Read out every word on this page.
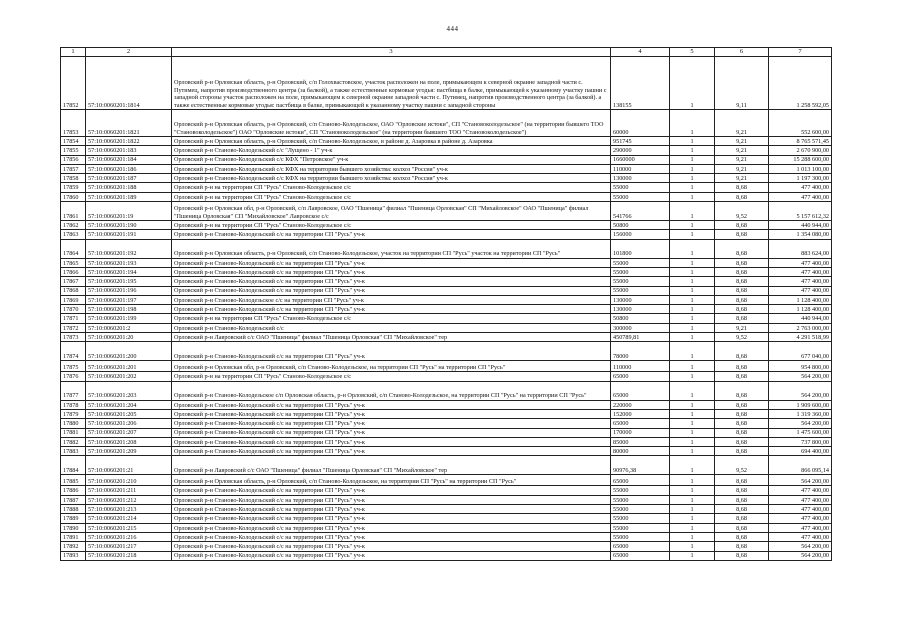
444
1	2	3	4	5	6	7
17852	57:10:0060201:1814	Орловский р-н Орловская область, р-н Орловский, с/п Голохвастовское, участок расположен на поле, примыкающем к северной окраине западной части с. Путимец, напротив производственного центра (за балкой), а также естественные кормовые угодья: пастбища в балке, примыкающей к указанному участку пашни с западной стороны участок расположен на поле, примыкающем к северной окраине западной части с. Путимец, напротив производственного центра (за балкой). а также естественные кормовые угодья: пастбища в балке, примыкающей к указанному участку пашни с западной стороны	138155	1	9,11	1 258 592,05
17853	57:10:0060201:1821	Орловский р-н Орловская область, р-н Орловский, с/п Станово-Колодезьское, ОАО "Орловские истоки", СП "Становоколодезьское" (на территории бывшего ТОО "Становоколодезьское") ОАО "Орловские истоки", СП "Становоколодезьское" (на территории бывшего ТОО "Становоколодезьское")	60000	1	9,21	552 600,00
17854	57:10:0060201:1822	Орловский р-н Орловская область, р-н Орловский, с/п Станово-Колодезьское, в районе д. Азаровка в районе д. Азаровка	951745	1	9,21	8 765 571,45
17855	57:10:0060201:183	Орловский р-н Станово-Колодезьский с/с "Лущено - 1" уч-к	290000	1	9,21	2 670 900,00
17856	57:10:0060201:184	Орловский р-н Станово-Колодезьский с/с КФХ "Петровское" уч-к	1660000	1	9,21	15 288 600,00
17857	57:10:0060201:186	Орловский р-н Станово-Колодезьский с/с КФХ на территории бывшего хозяйства: колхоз "Россия" уч-к	110000	1	9,21	1 013 100,00
17858	57:10:0060201:187	Орловский р-н Станово-Колодезьский с/с КФХ на территории бывшего хозяйства: колхоз "Россия" уч-к	130000	1	9,21	1 197 300,00
17859	57:10:0060201:188	Орловский р-н на территории СП "Русь" Станово-Колодезьское с/с	55000	1	8,68	477 400,00
17860	57:10:0060201:189	Орловский р-н на территории СП "Русь" Станово-Колодезьское с/с	55000	1	8,68	477 400,00
17861	57:10:0060201:19	Орловский р-н Орловская обл, р-н Орловский, с/п Лавровское, ОАО "Пшеница" филиал "Пшеница Орловская" СП "Михайловское" ОАО "Пшеница" филиал "Пшеница Орловская" СП "Михайловское" Лавровское с/с	541766	1	9,52	5 157 612,32
17862	57:10:0060201:190	Орловский р-н на территории СП "Русь" Станово-Колодезьское с/с	50800	1	8,68	440 944,00
17863	57:10:0060201:191	Орловский р-н Станово-Колодезьский с/с на территории СП "Русь" уч-к	156000	1	8,68	1 354 080,00
17864	57:10:0060201:192	Орловский р-н Орловская область, р-н Орловский, с/п Станово-Колодезьское, участок на территории СП "Русь" участок на территории СП "Русь"	101800	1	8,68	883 624,00
17865	57:10:0060201:193	Орловский р-н Станово-Колодезьский с/с на территории СП "Русь" уч-к	55000	1	8,68	477 400,00
17866	57:10:0060201:194	Орловский р-н Станово-Колодезьский с/с на территории СП "Русь" уч-к	55000	1	8,68	477 400,00
17867	57:10:0060201:195	Орловский р-н Станово-Колодезьский с/с на территории СП "Русь" уч-к	55000	1	8,68	477 400,00
17868	57:10:0060201:196	Орловский р-н Станово-Колодезьский с/с на территории СП "Русь" уч-к	55000	1	8,68	477 400,00
17869	57:10:0060201:197	Орловский р-н Станово-Колодезьское с/с на территории СП "Русь" уч-к	130000	1	8,68	1 128 400,00
17870	57:10:0060201:198	Орловский р-н Станово-Колодезьский с/с на территории СП "Русь" уч-к	130000	1	8,68	1 128 400,00
17871	57:10:0060201:199	Орловский р-н на территории СП "Русь" Станово-Колодезьское с/с	50800	1	8,68	440 944,00
17872	57:10:0060201:2	Орловский р-н Станово-Колодезьский с/с	300000	1	9,21	2 763 000,00
17873	57:10:0060201:20	Орловский р-н Лавровский с/с ОАО "Пшеница" филиал "Пшеница Орловская" СП "Михайловское" тер	450789,81	1	9,52	4 291 518,99
17874	57:10:0060201:200	Орловский р-н Станово-Колодезьский с/с на территории СП "Русь" уч-к	78000	1	8,68	677 040,00
17875	57:10:0060201:201	Орловский р-н Орловская обл, р-н Орловский, с/п Станово-Колодезьское, на территории СП "Русь" на территории СП "Русь"	110000	1	8,68	954 800,00
17876	57:10:0060201:202	Орловский р-н на территории СП "Русь" Станово-Колодезьское с/с	65000	1	8,68	564 200,00
17877	57:10:0060201:203	Орловский р-н Станово-Колодезьское с/п Орловская область, р-н Орловский, с/п Станово-Колодезьское, на территории СП "Русь" на территории СП "Русь"	65000	1	8,68	564 200,00
17878	57:10:0060201:204	Орловский р-н Станово-Колодезьский с/с на территории СП "Русь" уч-к	220000	1	8,68	1 909 600,00
17879	57:10:0060201:205	Орловский р-н Станово-Колодезьский с/с на территории СП "Русь" уч-к	152000	1	8,68	1 319 360,00
17880	57:10:0060201:206	Орловский р-н Станово-Колодезьский с/с на территории СП "Русь" уч-к	65000	1	8,68	564 200,00
17881	57:10:0060201:207	Орловский р-н Станово-Колодезьский с/с на территории СП "Русь" уч-к	170000	1	8,68	1 475 600,00
17882	57:10:0060201:208	Орловский р-н Станово-Колодезьский с/с на территории СП "Русь" уч-к	85000	1	8,68	737 800,00
17883	57:10:0060201:209	Орловский р-н Станово-Колодезьский с/с на территории СП "Русь" уч-к	80000	1	8,68	694 400,00
17884	57:10:0060201:21	Орловский р-н Лавровский с/с ОАО "Пшеница" филиал "Пшеница Орловская" СП "Михайловское" тер	90976,38	1	9,52	866 095,14
17885	57:10:0060201:210	Орловский р-н Орловская область, р-н Орловский, с/п Станово-Колодезьское, на территории СП "Русь" на территории СП "Русь"	65000	1	8,68	564 200,00
17886	57:10:0060201:211	Орловский р-н Станово-Колодезьский с/с на территории СП "Русь" уч-к	55000	1	8,68	477 400,00
17887	57:10:0060201:212	Орловский р-н Станово-Колодезьский с/с на территории СП "Русь" уч-к	55000	1	8,68	477 400,00
17888	57:10:0060201:213	Орловский р-н Станово-Колодезьский с/с на территории СП "Русь" уч-к	55000	1	8,68	477 400,00
17889	57:10:0060201:214	Орловский р-н Станово-Колодезьский с/с на территории СП "Русь" уч-к	55000	1	8,68	477 400,00
17890	57:10:0060201:215	Орловский р-н Станово-Колодезьский с/с на территории СП "Русь" уч-к	55000	1	8,68	477 400,00
17891	57:10:0060201:216	Орловский р-н Станово-Колодезьский с/с на территории СП "Русь" уч-к	55000	1	8,68	477 400,00
17892	57:10:0060201:217	Орловский р-н Станово-Колодезьский с/с на территории СП "Русь" уч-к	65000	1	8,68	564 200,00
17893	57:10:0060201:218	Орловский р-н Станово-Колодезьский с/с на территории СП "Русь" уч-к	65000	1	8,68	564 200,00
